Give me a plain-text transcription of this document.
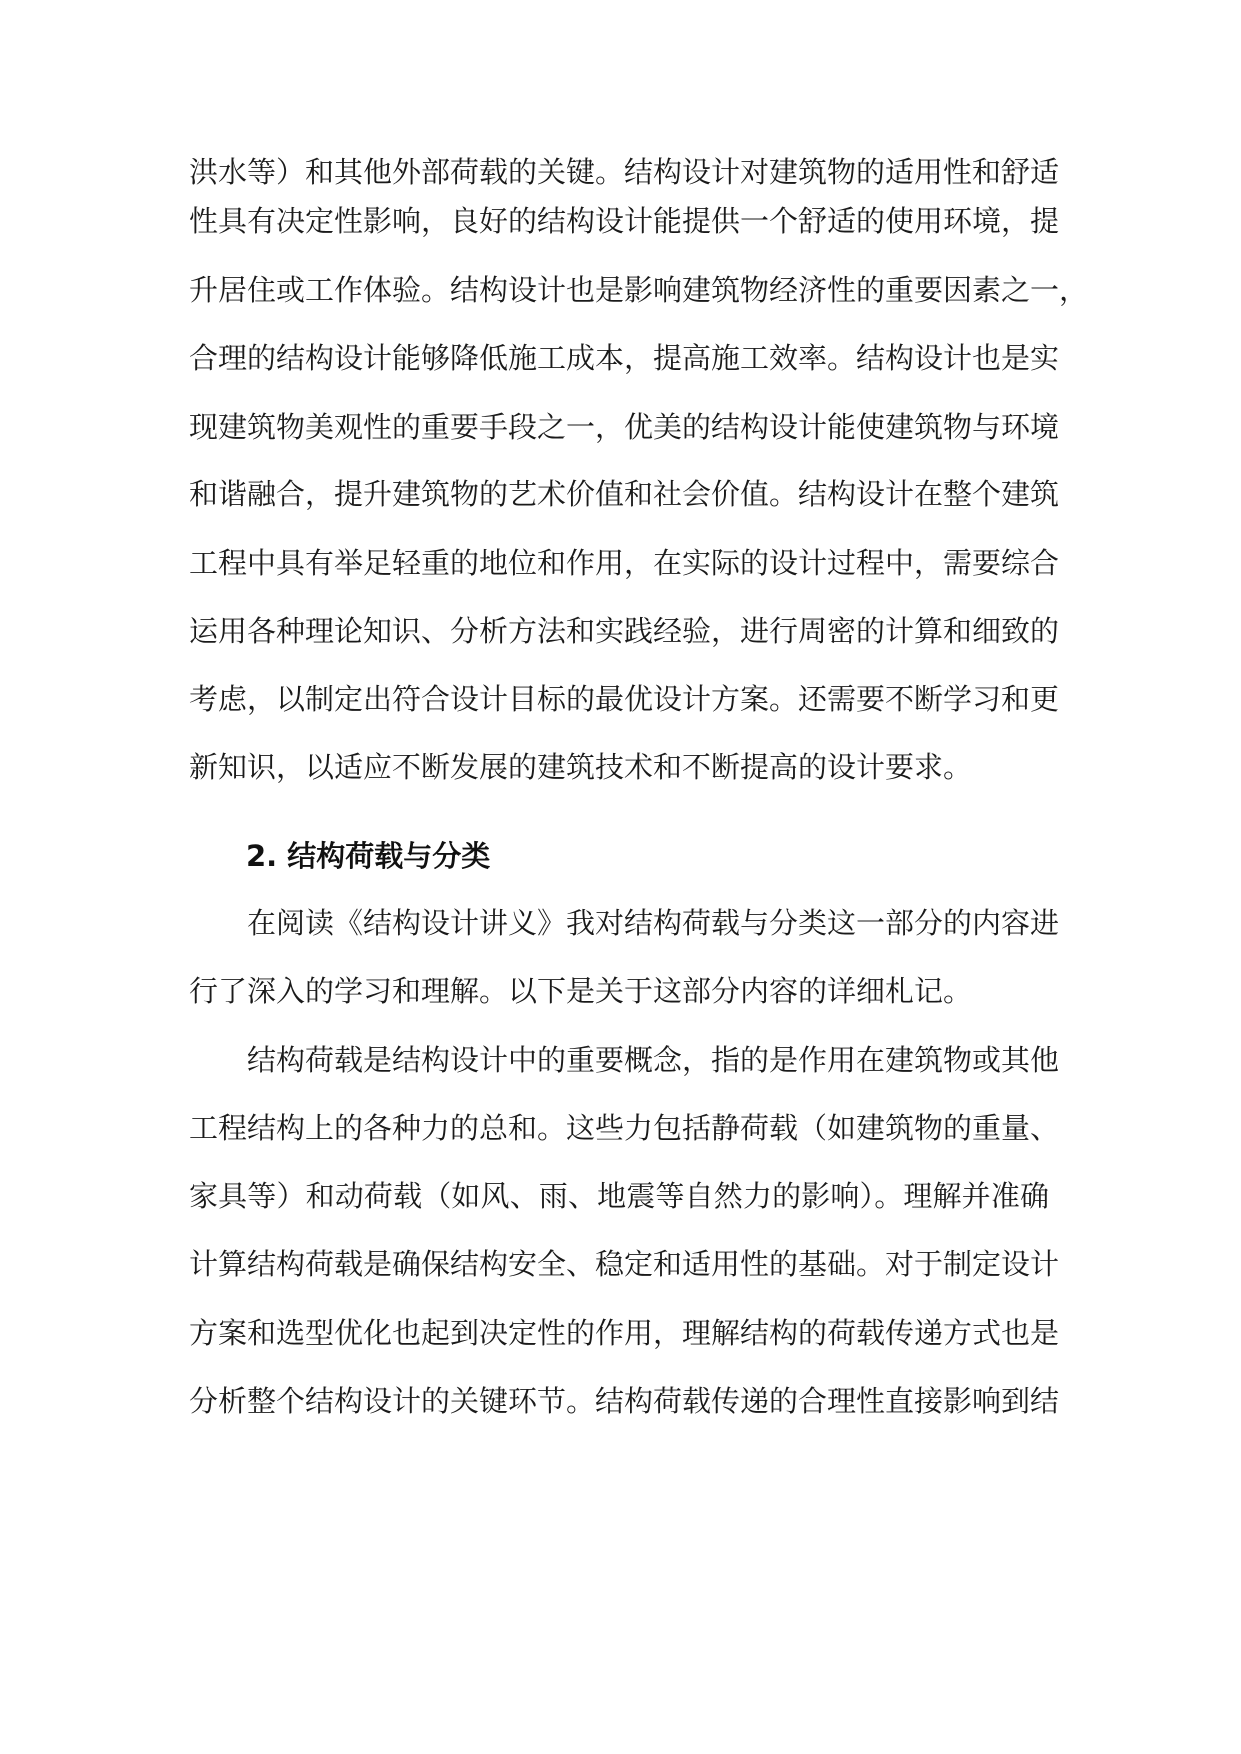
洪水等）和其他外部荷载的关键。结构设计对建筑物的适用性和舒适
性具有决定性影响，良好的结构设计能提供一个舒适的使用环境，提
升居住或工作体验。结构设计也是影响建筑物经济性的重要因素之一，
合理的结构设计能够降低施工成本，提高施工效率。结构设计也是实
现建筑物美观性的重要手段之一，优美的结构设计能使建筑物与环境
和谐融合，提升建筑物的艺术价值和社会价值。结构设计在整个建筑
工程中具有举足轻重的地位和作用，在实际的设计过程中，需要综合
运用各种理论知识、分析方法和实践经验，进行周密的计算和细致的
考虑，以制定出符合设计目标的最优设计方案。还需要不断学习和更
新知识，以适应不断发展的建筑技术和不断提高的设计要求。
2. 结构荷载与分类
在阅读《结构设计讲义》我对结构荷载与分类这一部分的内容进
行了深入的学习和理解。以下是关于这部分内容的详细札记。
结构荷载是结构设计中的重要概念，指的是作用在建筑物或其他
工程结构上的各种力的总和。这些力包括静荷载（如建筑物的重量、
家具等）和动荷载（如风、雨、地震等自然力的影响）。理解并准确
计算结构荷载是确保结构安全、稳定和适用性的基础。对于制定设计
方案和选型优化也起到决定性的作用，理解结构的荷载传递方式也是
分析整个结构设计的关键环节。结构荷载传递的合理性直接影响到结
